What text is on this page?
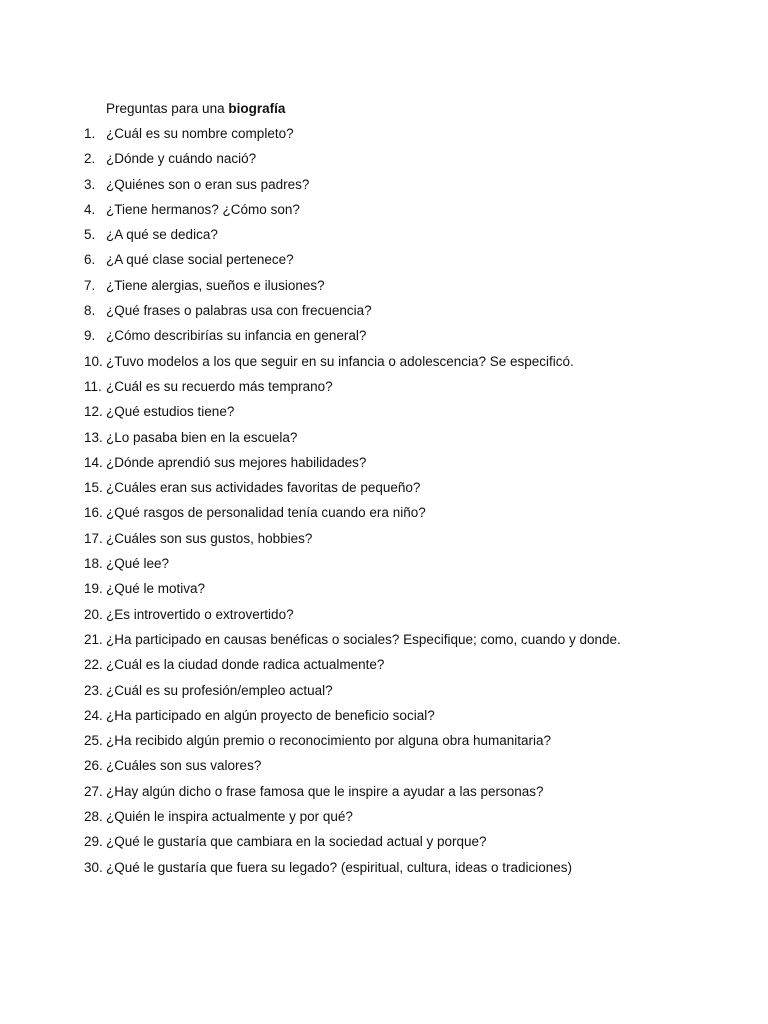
Preguntas para una biografía
1. ¿Cuál es su nombre completo?
2. ¿Dónde y cuándo nació?
3. ¿Quiénes son o eran sus padres?
4. ¿Tiene hermanos? ¿Cómo son?
5. ¿A qué se dedica?
6. ¿A qué clase social pertenece?
7. ¿Tiene alergias, sueños e ilusiones?
8. ¿Qué frases o palabras usa con frecuencia?
9. ¿Cómo describirías su infancia en general?
10. ¿Tuvo modelos a los que seguir en su infancia o adolescencia? Se especificó.
11. ¿Cuál es su recuerdo más temprano?
12. ¿Qué estudios tiene?
13. ¿Lo pasaba bien en la escuela?
14. ¿Dónde aprendió sus mejores habilidades?
15. ¿Cuáles eran sus actividades favoritas de pequeño?
16. ¿Qué rasgos de personalidad tenía cuando era niño?
17. ¿Cuáles son sus gustos, hobbies?
18. ¿Qué lee?
19. ¿Qué le motiva?
20. ¿Es introvertido o extrovertido?
21. ¿Ha participado en causas benéficas o sociales? Especifique; como, cuando y donde.
22. ¿Cuál es la ciudad donde radica actualmente?
23. ¿Cuál es su profesión/empleo actual?
24. ¿Ha participado en algún proyecto de beneficio social?
25. ¿Ha recibido algún premio o reconocimiento por alguna obra humanitaria?
26. ¿Cuáles son sus valores?
27. ¿Hay algún dicho o frase famosa que le inspire a ayudar a las personas?
28. ¿Quién le inspira actualmente y por qué?
29. ¿Qué le gustaría que cambiara en la sociedad actual y porque?
30. ¿Qué le gustaría que fuera su legado? (espiritual, cultura, ideas o tradiciones)
